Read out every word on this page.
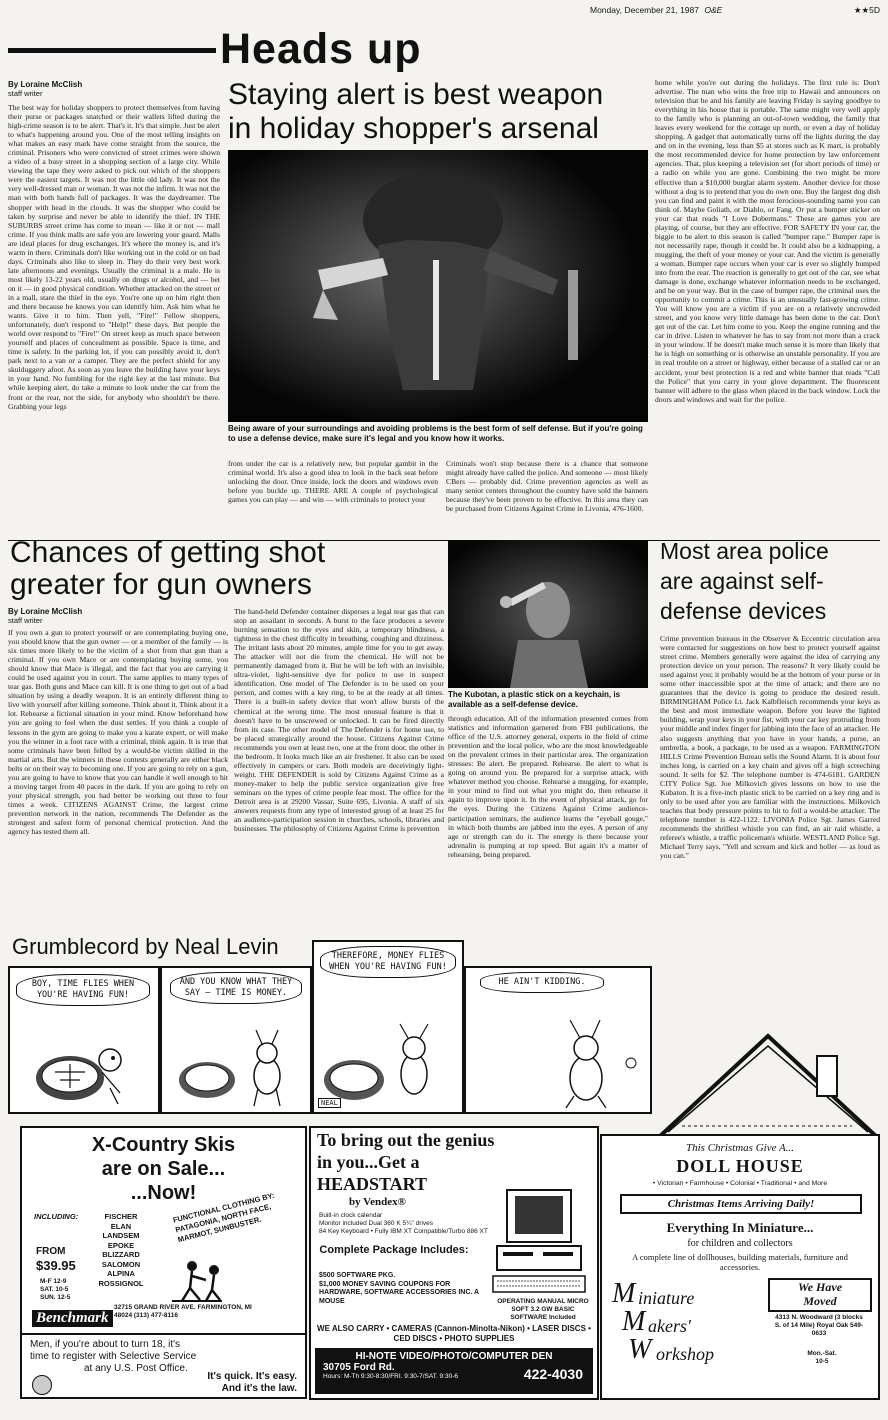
Monday, December 21, 1987 O&E	★★5D
Heads up
By Loraine McClish
staff writer
The best way for holiday shoppers to protect themselves from having their purse or packages snatched or their wallets lifted during the high-crime season is to be alert. That's it. It's that simple. Just be alert to what's happening around you. One of the most telling insights on what makes an easy mark have come straight from the source, the criminal. Prisoners who were convicted of street crimes were shown a video of a busy street in a shopping section of a large city. While viewing the tape they were asked to pick out which of the shoppers were the easiest targets. It was not the little old lady. It was not the very well-dressed man or woman. It was not the infirm. It was not the man with both hands full of packages. It was the daydreamer. The shopper with head in the clouds. It was the shopper who could be taken by surprise and never be able to identify the thief. IN THE SUBURBS street crime has come to mean — like it or not — mall crime. If you think malls are safe you are lowering your guard. Malls are ideal places for drug exchanges. It's where the money is, and it's warm in there. Criminals don't like working out in the cold or on bad days. Criminals also like to sleep in. They do their very best work late afternoons and evenings. Usually the criminal is a male. He is most likely 13-22 years old, usually on drugs or alcohol, and — bet on it — in good physical condition. Whether attacked on the street or in a mall, stare the thief in the eye. You're one up on him right then and there because he knows you can identify him. Ask him what he wants. Give it to him. Then yell, "Fire!" Fellow shoppers, unfortunately, don't respond to "Help!" these days. But people the world over respond to "Fire!" On street keep as much space between yourself and places of concealment as possible. Space is time, and time is safety. In the parking lot, if you can possibly avoid it, don't park next to a van or a camper. They are the perfect shield for any skulduggery afoot. As soon as you leave the building have your keys in your hand. No fumbling for the right key at the last minute. But while keeping alert, do take a minute to look under the car from the front or the rear, not the side, for anybody who shouldn't be there. Grabbing your legs
Staying alert is best weapon
in holiday shopper's arsenal
Being aware of your surroundings and avoiding problems is the best form of self defense. But if you're going to use a defense device, make sure it's legal and you know how it works.
from under the car is a relatively new, but popular gambit in the criminal world. It's also a good idea to look in the back seat before unlocking the door. Once inside, lock the doors and windows even before you buckle up. THERE ARE A couple of psychological games you can play — and win — with criminals to protect your
Criminals won't stop because there is a chance that someone might already have called the police. And someone — most likely CBers — probably did. Crime prevention agencies as well as many senior centers throughout the country have sold the banners because they've been proven to be effective. In this area they can be purchased from Citizens Against Crime in Livonia, 476-1600.
home while you're out during the holidays. The first rule is: Don't advertise. The man who wins the free trip to Hawaii and announces on television that he and his family are leaving Friday is saying goodbye to everything in his house that is portable. The same might very well apply to the family who is planning an out-of-town wedding, the family that leaves every weekend for the cottage up north, or even a day of holiday shopping. A gadget that automatically turns off the lights during the day and on in the evening, less than $5 at stores such as K mart, is probably the most recommended device for home protection by law enforcement agencies. That, plus keeping a television set (for short periods of time) or a radio on while you are gone. Combining the two might be more effective than a $10,000 burglar alarm system. Another device for those without a dog is to pretend that you do own one. Buy the largest dog dish you can find and paint it with the most ferocious-sounding name you can think of. Maybe Goliath, or Diablo, or Fang. Or put a bumper sticker on your car that reads "I Love Dobermans." These are games you are playing, of course, but they are effective. FOR SAFETY IN your car, the biggie to be alert to this season is called "bumper rape." Bumper rape is not necessarily rape, though it could be. It could also be a kidnapping, a mugging, the theft of your money or your car. And the victim is generally a woman. Bumper rape occurs when your car is ever so slightly bumped into from the rear. The reaction is generally to get out of the car, see what damage is done, exchange whatever information needs to be exchanged, and be on your way. But in the case of bumper rape, the criminal uses the opportunity to commit a crime. This is an unusually fast-growing crime. You will know you are a victim if you are on a relatively uncrowded street, and you know very little damage has been done to the car. Don't get out of the car. Let him come to you. Keep the engine running and the car in drive. Listen to whatever he has to say from not more than a crack in your window. If he doesn't make much sense it is more than likely that he is high on something or is otherwise an unstable personality. If you are in real trouble on a street or highway, either because of a stalled car or an accident, your best protection is a red and white banner that reads "Call the Police" that you carry in your glove department. The fluorescent banner will adhere to the glass when placed in the back window. Lock the doors and windows and wait for the police.
Chances of getting shot
greater for gun owners
By Loraine McClish
staff writer
If you own a gun to protect yourself or are contemplating buying one, you should know that the gun owner — or a member of the family — is six times more likely to be the victim of a shot from that gun than a criminal. If you own Mace or are contemplating buying some, you should know that Mace is illegal, and the fact that you are carrying it could be used against you in court. The same applies to many types of tear gas. Both guns and Mace can kill. It is one thing to get out of a bad situation by using a deadly weapon. It is an entirely different thing to live with yourself after killing someone. Think about it. Think about it a lot. Rehearse a fictional situation in your mind. Know beforehand how you are going to feel when the dust settles. If you think a couple of lessons in the gym are going to make you a karate expert, or will make you the winner in a foot race with a criminal, think again. It is true that some criminals have been felled by a would-be victim skilled in the martial arts. But the winners in these contests generally are either black belts or on their way to becoming one. If you are going to rely on a gun, you are going to have to know that you can handle it well enough to hit a moving target from 40 paces in the dark. If you are going to rely on your physical strength, you had better be working out three to four times a week. CITIZENS AGAINST Crime, the largest crime prevention network in the nation, recommends The Defender as the strongest and safest form of personal chemical protection. And the agency has tested them all.
The hand-held Defender container disperses a legal tear gas that can stop an assailant in seconds. A burst to the face produces a severe burning sensation to the eyes and skin, a temporary blindness, a tightness in the chest difficulty in breathing, coughing and dizziness. The irritant lasts about 20 minutes, ample time for you to get away. The attacker will not die from the chemical. He will not be permanently damaged from it. But he will be left with an invisible, ultra-violet, light-sensitive dye for police to use in suspect identification. One model of The Defender is to be used on your person, and comes with a key ring, to be at the ready at all times. There is a built-in safety device that won't allow bursts of the chemical at the wrong time. The most unusual feature is that it doesn't have to be unscrewed or unlocked. It can be fired directly from its case. The other model of The Defender is for home use, to be placed strategically around the house. Citizens Against Crime recommends you own at least two, one at the front door, the other in the bedroom. It looks much like an air freshener. It also can be used effectively in campers or cars. Both models are deceivingly light-weight. THE DEFENDER is sold by Citizens Against Crime as a money-maker to help the public service organization give free seminars on the types of crime people fear most. The office for the Detroit area is at 29200 Vassar, Suite 695, Livonia. A staff of six answers requests from any type of interested group of at least 25 for an audience-participation session in churches, schools, libraries and businesses. The philosophy of Citizens Against Crime is prevention
The Kubotan, a plastic stick on a keychain, is available as a self-defense device.
through education. All of the information presented comes from statistics and information garnered from FBI publications, the office of the U.S. attorney general, experts in the field of crime prevention and the local police, who are the most knowledgeable on the prevalent crimes in their particular area. The organization stresses: Be alert. Be prepared. Rehearse. Be alert to what is going on around you. Be prepared for a surprise attack, with whatever method you choose. Rehearse a mugging, for example, in your mind to find out what you might do, then rehearse it again to improve upon it. In the event of physical attack, go for the eyes. During the Citizens Against Crime audience-participation seminars, the audience learns the "eyeball gouge," in which both thumbs are jabbed into the eyes. A person of any age or strength can do it. The energy is there because your adrenalin is pumping at top speed. But again it's a matter of rehearsing, being prepared.
Most area police
are against self-
defense devices
Crime prevention bureaus in the Observer & Eccentric circulation area were contacted for suggestions on how best to protect yourself against street crime. Members generally were against the idea of carrying any protection device on your person. The reasons? It very likely could be used against you; it probably would be at the bottom of your purse or in some other inaccessible spot at the time of attack; and there are no guarantees that the device is going to produce the desired result. BIRMINGHAM Police Lt. Jack Kalbfleisch recommends your keys as the best and most immediate weapon. Before you leave the lighted building, wrap your keys in your fist, with your car key protruding from your middle and index finger for jabbing into the face of an attacker. He also suggests anything that you have in your hands, a purse, an umbrella, a book, a package, to be used as a weapon. FARMINGTON HILLS Crime Prevention Bureau sells the Sound Alarm. It is about four inches long, is carried on a key chain and gives off a high screeching sound. It sells for $2. The telephone number is 474-6181. GARDEN CITY Police Sgt. Joe Milkovich gives lessons on how to use the Kubaton. It is a five-inch plastic stick to be carried on a key ring and is only to be used after you are familiar with the instructions. Milkovich teaches that body pressure points to hit to foil a would-be attacker. The telephone number is 422-1122. LIVONIA Police Sgt. James Garred recommends the shrillest whistle you can find, an air raid whistle, a referee's whistle, a traffic policeman's whistle. WESTLAND Police Sgt. Michael Terry says, "Yell and scream and kick and holler — as loud as you can."
Grumblecord by Neal Levin
BOY, TIME FLIES WHEN YOU'RE HAVING FUN!
AND YOU KNOW WHAT THEY SAY — TIME IS MONEY.
THEREFORE, MONEY FLIES WHEN YOU'RE HAVING FUN!
NEAL
HE AIN'T KIDDING.
X-Country Skis
are on Sale...
...Now!
INCLUDING:	FISCHER
ELAN
LANDSEM
EPOKE
BLIZZARD
SALOMON
ALPINA
ROSSIGNOL
FUNCTIONAL CLOTHING BY: PATAGONIA, NORTH FACE, MARMOT, SUNBUSTER.
FROM
$39.95
M-F 12-9
SAT. 10-5
SUN. 12-5
Benchmark
32715 GRAND RIVER AVE. FARMINGTON, MI 48024 (313) 477-8116
Men, if you're about to turn 18, it's
time to register with Selective Service
at any U.S. Post Office.
It's quick. It's easy.
And it's the law.
To bring out the genius
in you...Get a
HEADSTART
by Vendex®
Built-in clock calendar
Monitor included Dual 360 K 5¼" drives
84 Key Keyboard • Fully IBM XT Compatible/Turbo 886 XT
Complete Package Includes:
$500 SOFTWARE PKG.
$1,000 MONEY SAVING COUPONS FOR HARDWARE, SOFTWARE ACCESSORIES INC. A MOUSE	OPERATING MANUAL MICRO SOFT 3.2 GW BASIC SOFTWARE Included
WE ALSO CARRY • CAMERAS (Cannon-Minolta-Nikon) • LASER DISCS • CED DISCS • PHOTO SUPPLIES
HI-NOTE VIDEO/PHOTO/COMPUTER DEN
30705 Ford Rd.
Hours: M-Th 9:30-8:30/FRI. 9:30-7/SAT. 9:30-6	422-4030
This Christmas Give A...
DOLL HOUSE
• Victorian • Farmhouse • Colonial • Traditional • and More
Christmas Items Arriving Daily!
Everything In Miniature...
for children and collectors
A complete line of dollhouses, building materials, furniture and accessories.
M iniature
M akers'
W orkshop
We Have
Moved
4313 N. Woodward (3 blocks S. of 14 Mile) Royal Oak 549-0633
Mon.-Sat. 10-5
